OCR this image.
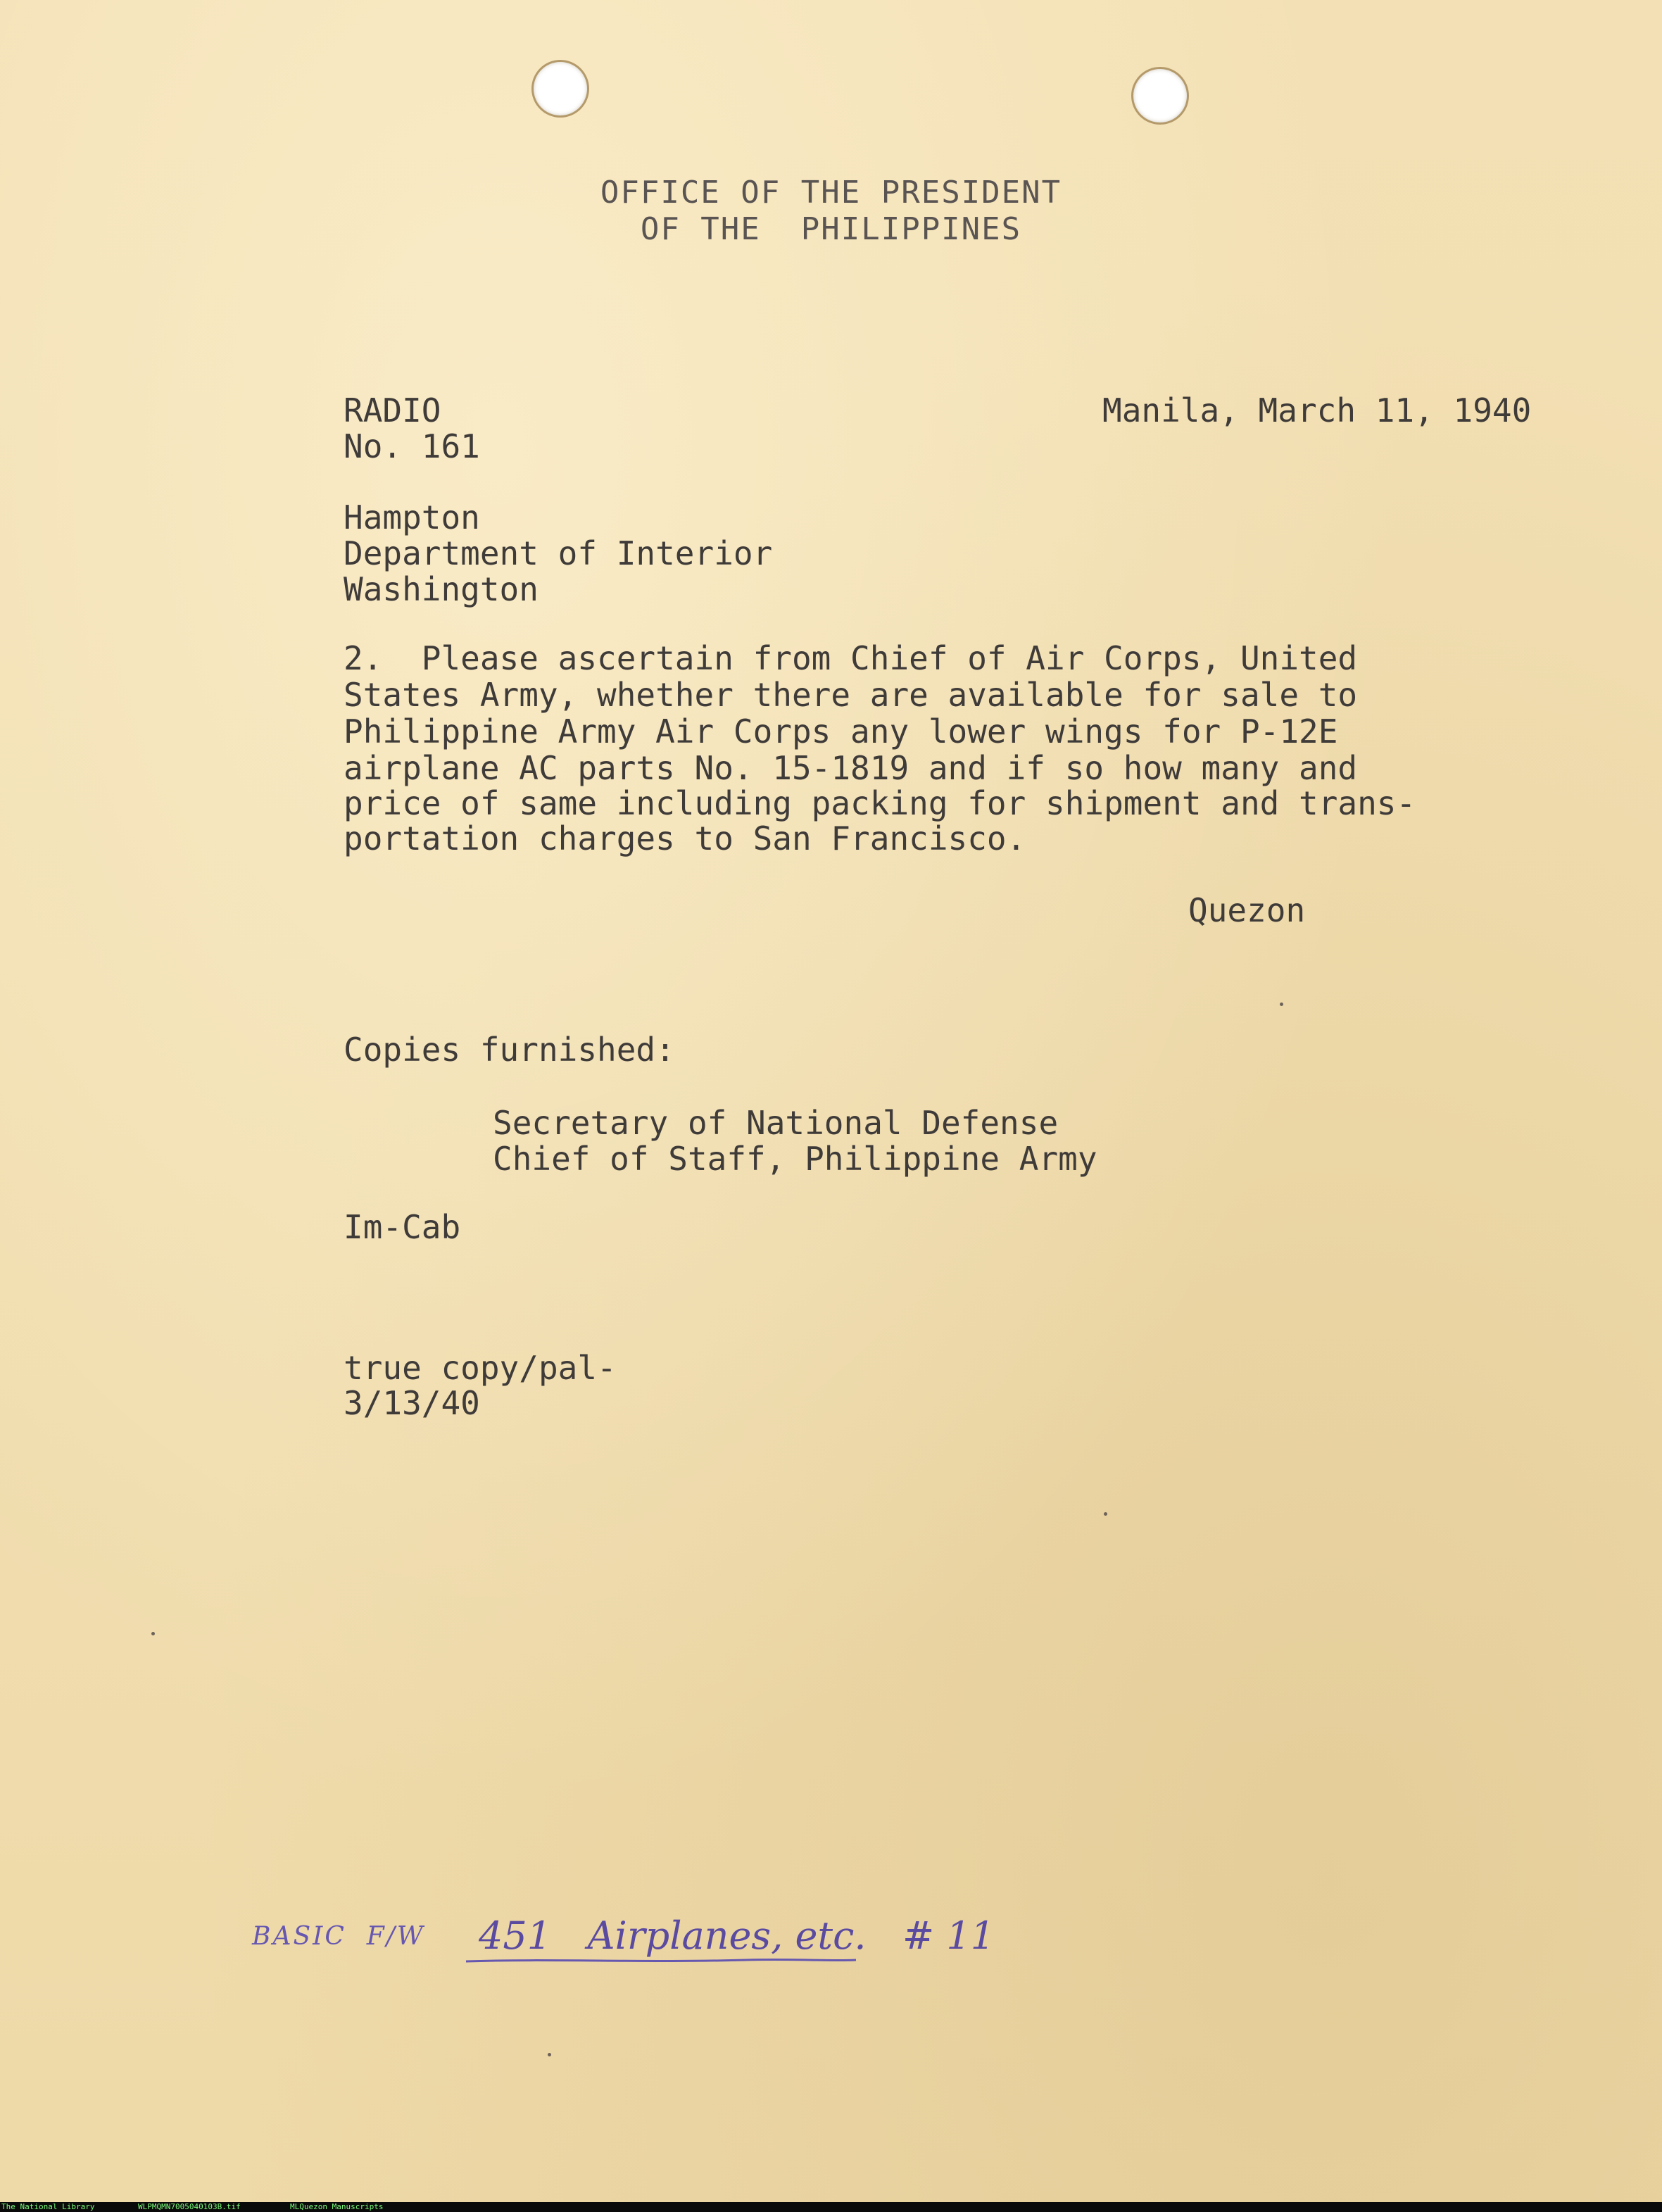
OFFICE OF THE PRESIDENT
OF THE  PHILIPPINES
RADIO
No. 161
Manila, March 11, 1940
Hampton
Department of Interior
Washington
2.  Please ascertain from Chief of Air Corps, United
States Army, whether there are available for sale to
Philippine Army Air Corps any lower wings for P-12E
airplane AC parts No. 15-1819 and if so how many and
price of same including packing for shipment and trans-
portation charges to San Francisco.
Quezon
Copies furnished:
Secretary of National Defense
Chief of Staff, Philippine Army
Im-Cab
true copy/pal-
3/13/40
BASIC  F/W 451   Airplanes, etc.   # 11

The National Library

	WLPMQMN7005040103B.tif

	MLQuezon Manuscripts
